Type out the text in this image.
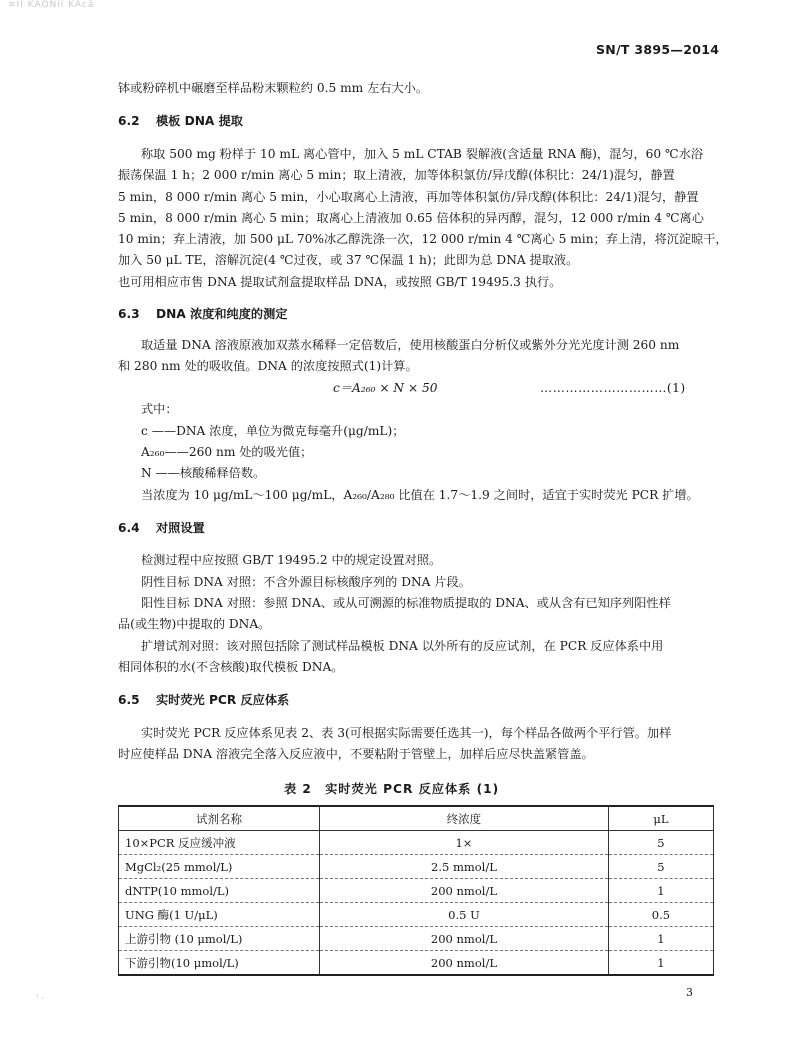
≡ÍÌ KÁÔNíí KÀcä
SN/T 3895—2014
钵或粉碎机中碾磨至样品粉末颗粒约 0.5 mm 左右大小。
6.2 模板 DNA 提取
称取 500 mg 粉样于 10 mL 离心管中，加入 5 mL CTAB 裂解液(含适量 RNA 酶)，混匀，60 ℃水浴
振荡保温 1 h；2 000 r/min 离心 5 min；取上清液，加等体积氯仿/异戊醇(体积比：24/1)混匀，静置
5 min，8 000 r/min 离心 5 min，小心取离心上清液，再加等体积氯仿/异戊醇(体积比：24/1)混匀，静置
5 min，8 000 r/min 离心 5 min；取离心上清液加 0.65 倍体积的异丙醇，混匀，12 000 r/min 4 ℃离心
10 min；弃上清液，加 500 μL 70%冰乙醇洗涤一次，12 000 r/min 4 ℃离心 5 min；弃上清，将沉淀晾干，
加入 50 μL TE，溶解沉淀(4 ℃过夜，或 37 ℃保温 1 h)；此即为总 DNA 提取液。
也可用相应市售 DNA 提取试剂盒提取样品 DNA，或按照 GB/T 19495.3 执行。
6.3 DNA 浓度和纯度的测定
取适量 DNA 溶液原液加双蒸水稀释一定倍数后，使用核酸蛋白分析仪或紫外分光光度计测 260 nm
和 280 nm 处的吸收值。DNA 的浓度按照式(1)计算。
c＝A₂₆₀ × N × 50	…………………………(1)
式中：
c ——DNA 浓度，单位为微克每毫升(μg/mL)；
A₂₆₀——260 nm 处的吸光值；
N ——核酸稀释倍数。
当浓度为 10 μg/mL～100 μg/mL，A₂₆₀/A₂₈₀ 比值在 1.7～1.9 之间时，适宜于实时荧光 PCR 扩增。
6.4 对照设置
检测过程中应按照 GB/T 19495.2 中的规定设置对照。
阴性目标 DNA 对照：不含外源目标核酸序列的 DNA 片段。
阳性目标 DNA 对照：参照 DNA、或从可溯源的标准物质提取的 DNA、或从含有已知序列阳性样
品(或生物)中提取的 DNA。
扩增试剂对照：该对照包括除了测试样品模板 DNA 以外所有的反应试剂，在 PCR 反应体系中用
相同体积的水(不含核酸)取代模板 DNA。
6.5 实时荧光 PCR 反应体系
实时荧光 PCR 反应体系见表 2、表 3(可根据实际需要任选其一)，每个样品各做两个平行管。加样
时应使样品 DNA 溶液完全落入反应液中，不要粘附于管壁上，加样后应尽快盖紧管盖。
表 2　实时荧光 PCR 反应体系 (1)
试剂名称	终浓度	μL
10×PCR 反应缓冲液	1×	5
MgCl₂(25 mmol/L)	2.5 mmol/L	5
dNTP(10 mmol/L)	200 nmol/L	1
UNG 酶(1 U/μL)	0.5 U	0.5
上游引物 (10 μmol/L)	200 nmol/L	1
下游引物(10 μmol/L)	200 nmol/L	1
3
' ·
